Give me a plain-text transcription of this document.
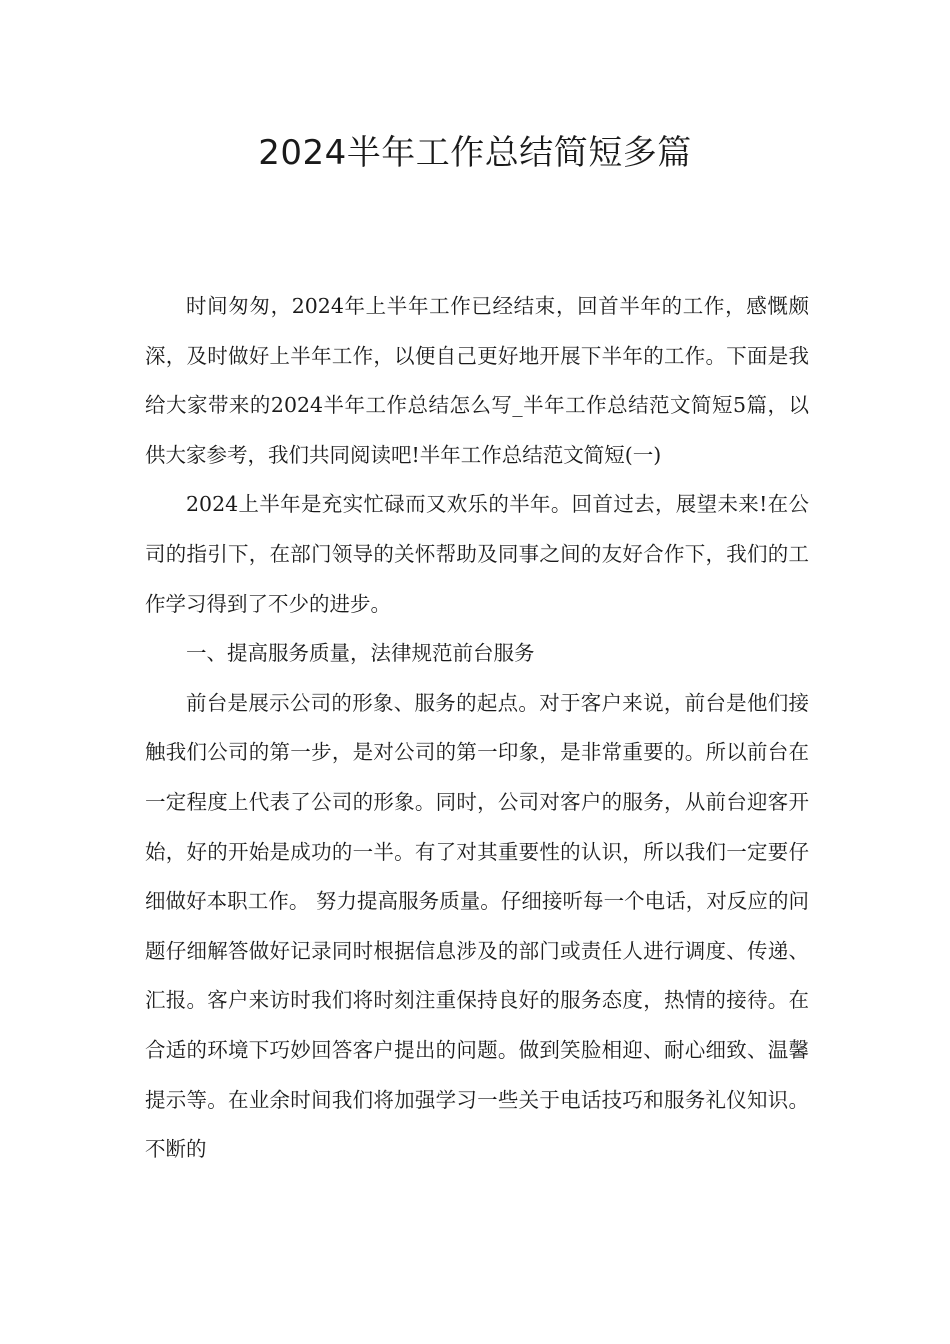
2024半年工作总结简短多篇

时间匆匆，2024年上半年工作已经结束，回首半年的工作，感慨颇深，及时做好上半年工作，以便自己更好地开展下半年的工作。下面是我给大家带来的2024半年工作总结怎么写_半年工作总结范文简短5篇，以供大家参考，我们共同阅读吧!半年工作总结范文简短(一)

2024上半年是充实忙碌而又欢乐的半年。回首过去，展望未来!在公司的指引下，在部门领导的关怀帮助及同事之间的友好合作下，我们的工作学习得到了不少的进步。

一、提高服务质量，法律规范前台服务

前台是展示公司的形象、服务的起点。对于客户来说，前台是他们接触我们公司的第一步，是对公司的第一印象，是非常重要的。所以前台在一定程度上代表了公司的形象。同时，公司对客户的服务，从前台迎客开始，好的开始是成功的一半。有了对其重要性的认识，所以我们一定要仔细做好本职工作。 努力提高服务质量。仔细接听每一个电话，对反应的问题仔细解答做好记录同时根据信息涉及的部门或责任人进行调度、传递、汇报。客户来访时我们将时刻注重保持良好的服务态度，热情的接待。在合适的环境下巧妙回答客户提出的问题。做到笑脸相迎、耐心细致、温馨提示等。在业余时间我们将加强学习一些关于电话技巧和服务礼仪知识。不断的
